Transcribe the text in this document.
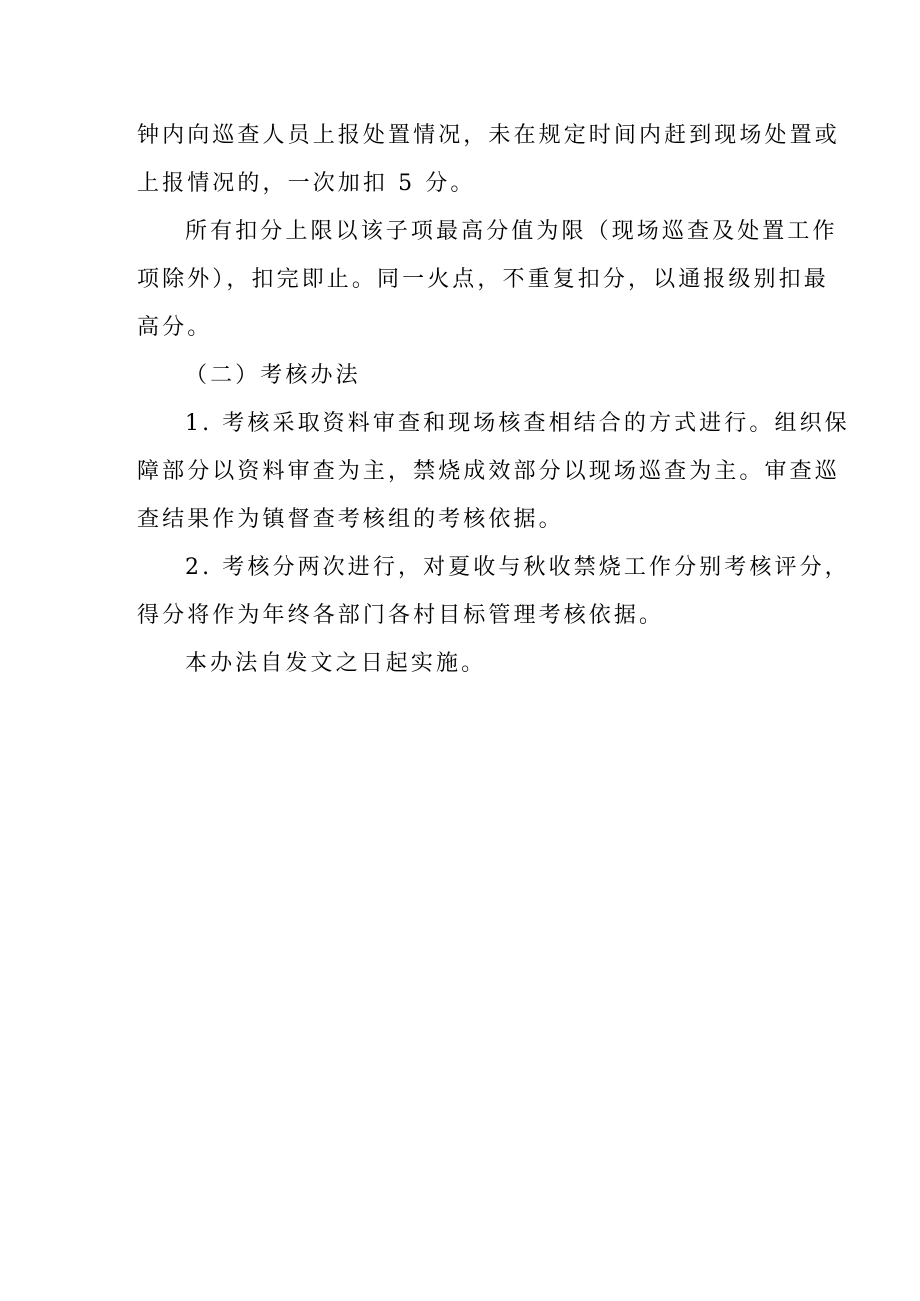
钟内向巡查人员上报处置情况，未在规定时间内赶到现场处置或
上报情况的，一次加扣 5 分。

所有扣分上限以该子项最高分值为限（现场巡查及处置工作
项除外），扣完即止。同一火点，不重复扣分，以通报级别扣最
高分。

（二）考核办法

1. 考核采取资料审查和现场核查相结合的方式进行。组织保
障部分以资料审查为主，禁烧成效部分以现场巡查为主。审查巡
查结果作为镇督查考核组的考核依据。

2. 考核分两次进行，对夏收与秋收禁烧工作分别考核评分，
得分将作为年终各部门各村目标管理考核依据。

本办法自发文之日起实施。
